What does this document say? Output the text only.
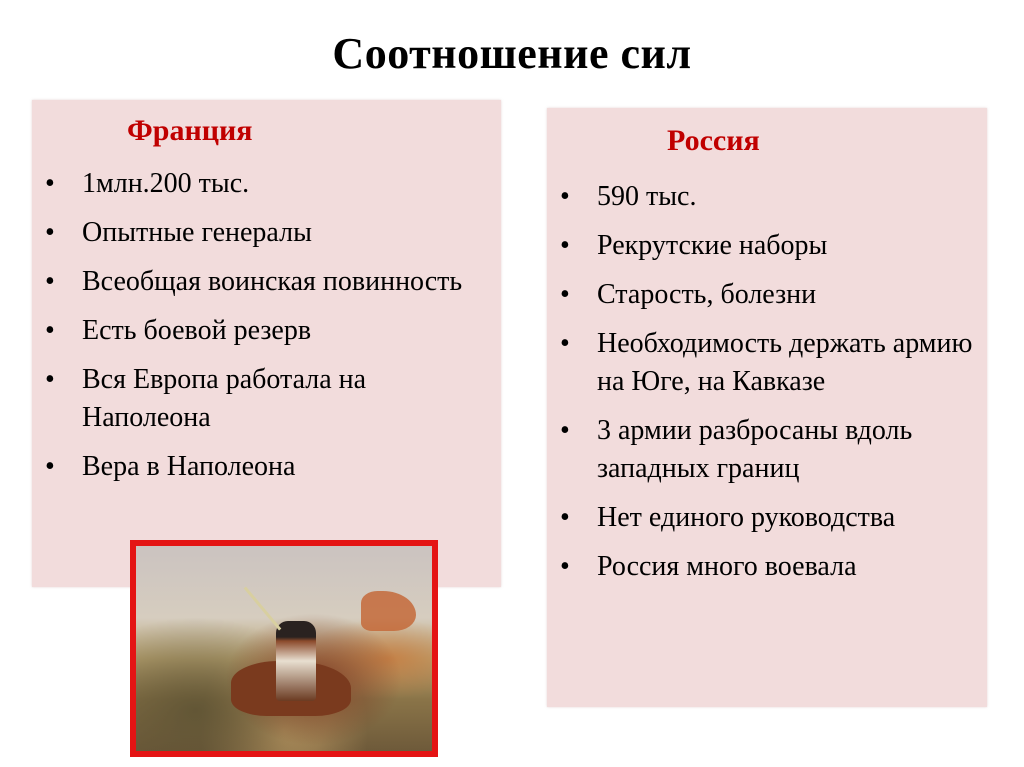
Соотношение сил
Франция
• 1млн.200 тыс.
• Опытные генералы
• Всеобщая воинская повинность
• Есть боевой резерв
• Вся Европа работала на Наполеона
• Вера в Наполеона
Россия
• 590 тыс.
• Рекрутские наборы
• Старость, болезни
• Необходимость держать армию на Юге, на Кавказе
• 3 армии разбросаны вдоль западных границ
• Нет единого руководства
• Россия много воевала
